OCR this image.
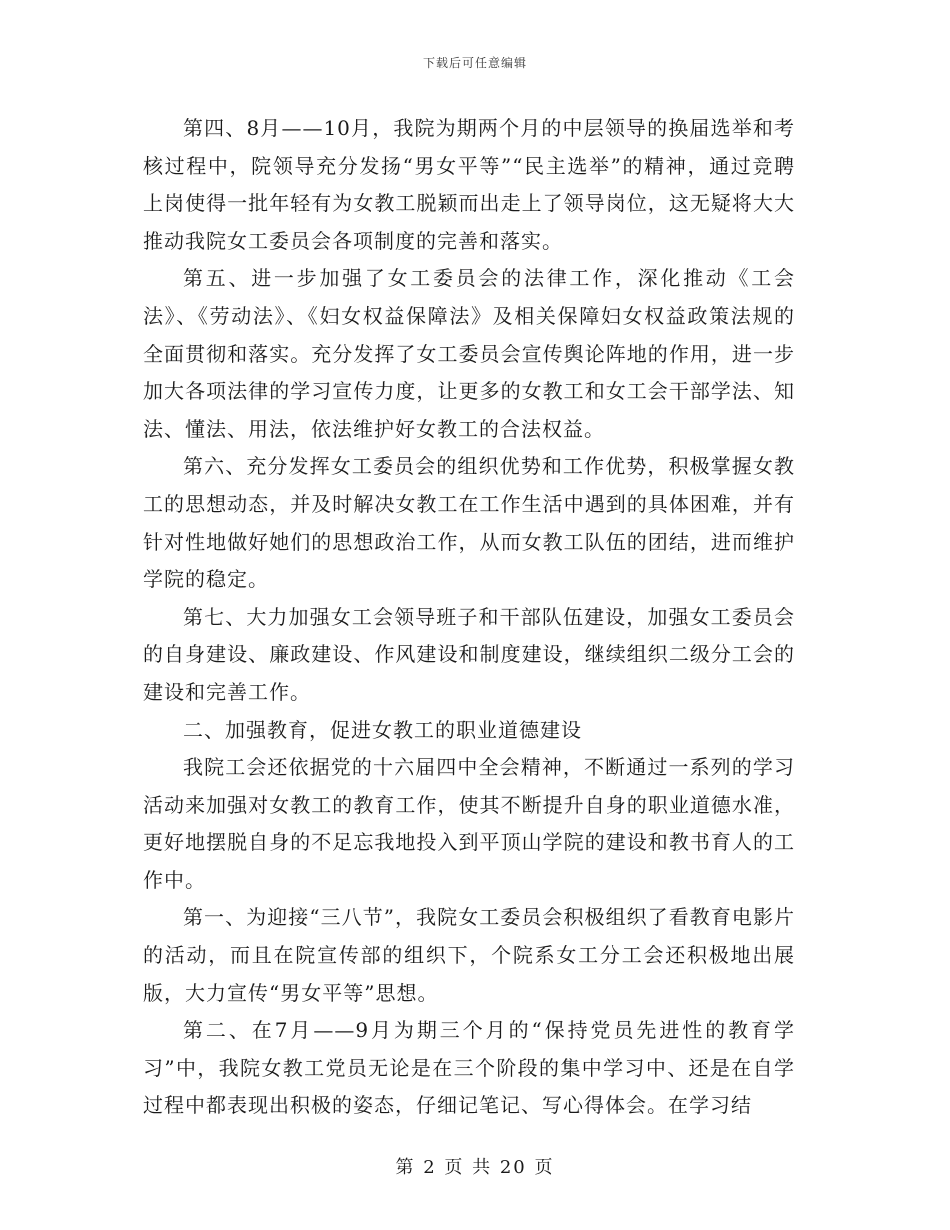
下载后可任意编辑

第四、8月——10月，我院为期两个月的中层领导的换届选举和考核过程中，院领导充分发扬“男女平等”“民主选举”的精神，通过竞聘上岗使得一批年轻有为女教工脱颖而出走上了领导岗位，这无疑将大大推动我院女工委员会各项制度的完善和落实。

第五、进一步加强了女工委员会的法律工作，深化推动《工会法》、《劳动法》、《妇女权益保障法》及相关保障妇女权益政策法规的全面贯彻和落实。充分发挥了女工委员会宣传舆论阵地的作用，进一步加大各项法律的学习宣传力度，让更多的女教工和女工会干部学法、知法、懂法、用法，依法维护好女教工的合法权益。

第六、充分发挥女工委员会的组织优势和工作优势，积极掌握女教工的思想动态，并及时解决女教工在工作生活中遇到的具体困难，并有针对性地做好她们的思想政治工作，从而女教工队伍的团结，进而维护学院的稳定。

第七、大力加强女工会领导班子和干部队伍建设，加强女工委员会的自身建设、廉政建设、作风建设和制度建设，继续组织二级分工会的建设和完善工作。

二、加强教育，促进女教工的职业道德建设

我院工会还依据党的十六届四中全会精神，不断通过一系列的学习活动来加强对女教工的教育工作，使其不断提升自身的职业道德水准，更好地摆脱自身的不足忘我地投入到平顶山学院的建设和教书育人的工作中。

第一、为迎接“三八节”，我院女工委员会积极组织了看教育电影片的活动，而且在院宣传部的组织下，个院系女工分工会还积极地出展版，大力宣传“男女平等”思想。

第二、在7月——9月为期三个月的“保持党员先进性的教育学习”中，我院女教工党员无论是在三个阶段的集中学习中、还是在自学过程中都表现出积极的姿态，仔细记笔记、写心得体会。在学习结

第 2 页 共 20 页
